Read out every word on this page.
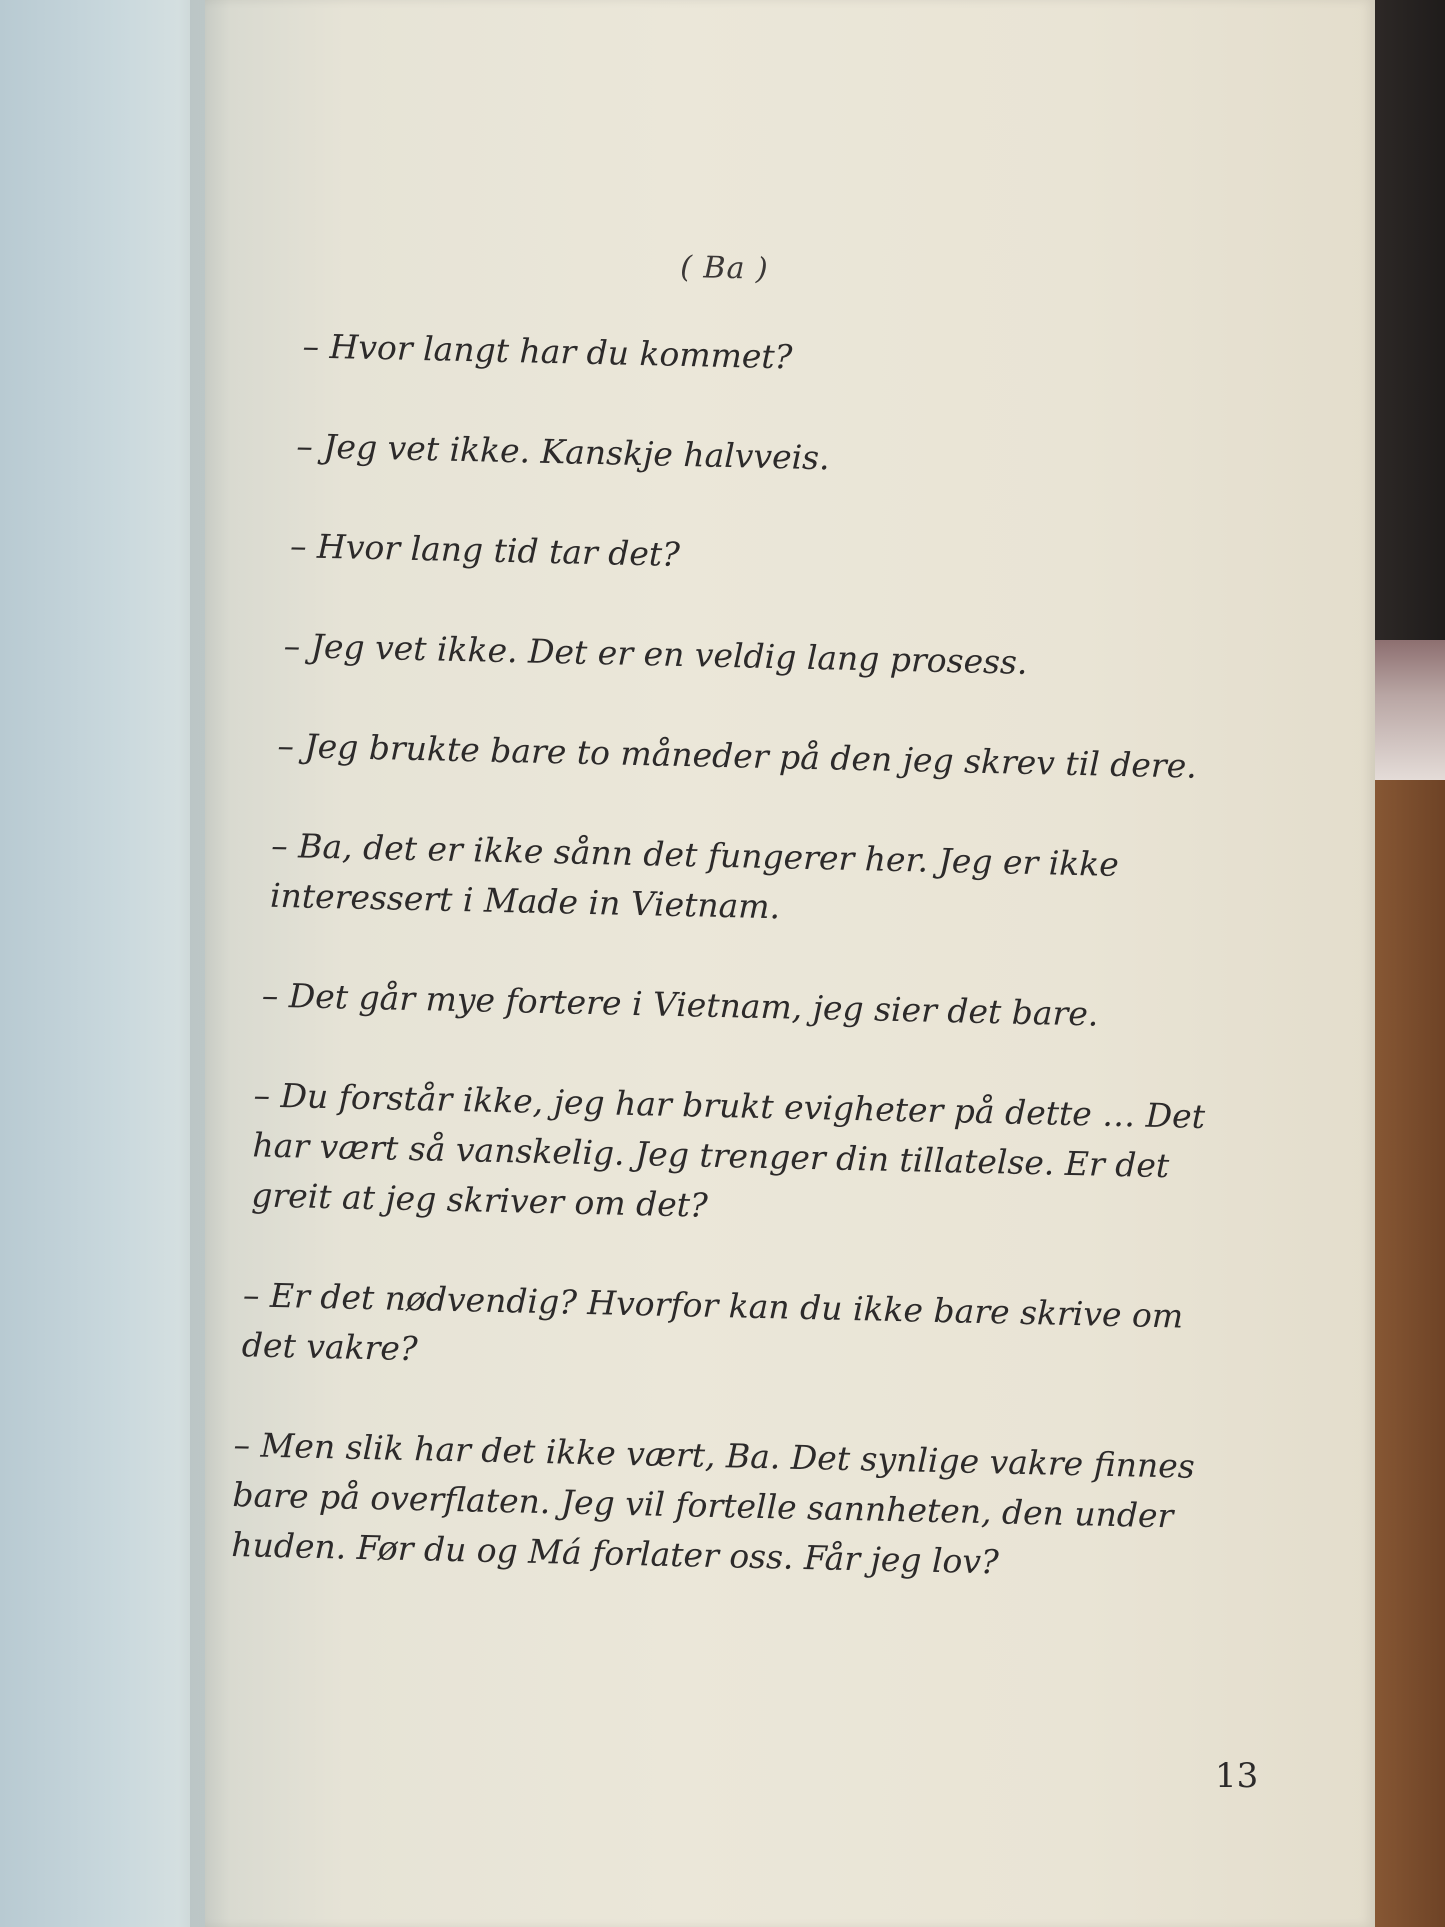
( Ba )

– Hvor langt har du kommet?

– Jeg vet ikke. Kanskje halvveis.

– Hvor lang tid tar det?

– Jeg vet ikke. Det er en veldig lang prosess.

– Jeg brukte bare to måneder på den jeg skrev til dere.

– Ba, det er ikke sånn det fungerer her. Jeg er ikke interessert i Made in Vietnam.

– Det går mye fortere i Vietnam, jeg sier det bare.

– Du forstår ikke, jeg har brukt evigheter på dette … Det har vært så vanskelig. Jeg trenger din tillatelse. Er det greit at jeg skriver om det?

– Er det nødvendig? Hvorfor kan du ikke bare skrive om det vakre?

– Men slik har det ikke vært, Ba. Det synlige vakre finnes bare på overflaten. Jeg vil fortelle sannheten, den under huden. Før du og Má forlater oss. Får jeg lov?

13
